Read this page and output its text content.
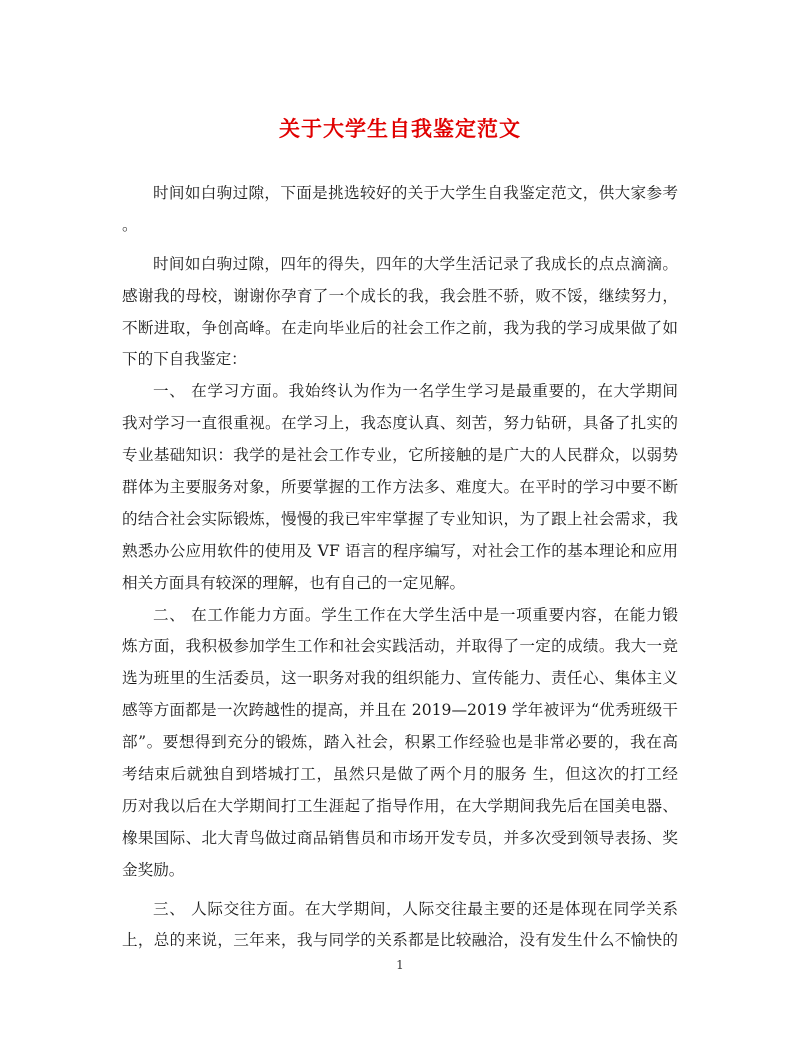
关于大学生自我鉴定范文
时间如白驹过隙，下面是挑选较好的关于大学生自我鉴定范文，供大家参考
。
时间如白驹过隙，四年的得失，四年的大学生活记录了我成长的点点滴滴。
感谢我的母校，谢谢你孕育了一个成长的我，我会胜不骄，败不馁，继续努力，
不断进取，争创高峰。在走向毕业后的社会工作之前，我为我的学习成果做了如
下的下自我鉴定：
一、 在学习方面。我始终认为作为一名学生学习是最重要的，在大学期间
我对学习一直很重视。在学习上，我态度认真、刻苦，努力钻研，具备了扎实的
专业基础知识：我学的是社会工作专业，它所接触的是广大的人民群众，以弱势
群体为主要服务对象，所要掌握的工作方法多、难度大。在平时的学习中要不断
的结合社会实际锻炼，慢慢的我已牢牢掌握了专业知识，为了跟上社会需求，我
熟悉办公应用软件的使用及 VF 语言的程序编写，对社会工作的基本理论和应用
相关方面具有较深的理解，也有自己的一定见解。
二、 在工作能力方面。学生工作在大学生活中是一项重要内容，在能力锻
炼方面，我积极参加学生工作和社会实践活动，并取得了一定的成绩。我大一竞
选为班里的生活委员，这一职务对我的组织能力、宣传能力、责任心、集体主义
感等方面都是一次跨越性的提高，并且在 2019—2019 学年被评为“优秀班级干
部”。要想得到充分的锻炼，踏入社会，积累工作经验也是非常必要的，我在高
考结束后就独自到塔城打工，虽然只是做了两个月的服务 生，但这次的打工经
历对我以后在大学期间打工生涯起了指导作用，在大学期间我先后在国美电器、
橡果国际、北大青鸟做过商品销售员和市场开发专员，并多次受到领导表扬、奖
金奖励。
三、 人际交往方面。在大学期间，人际交往最主要的还是体现在同学关系
上，总的来说，三年来，我与同学的关系都是比较融洽，没有发生什么不愉快的
1
